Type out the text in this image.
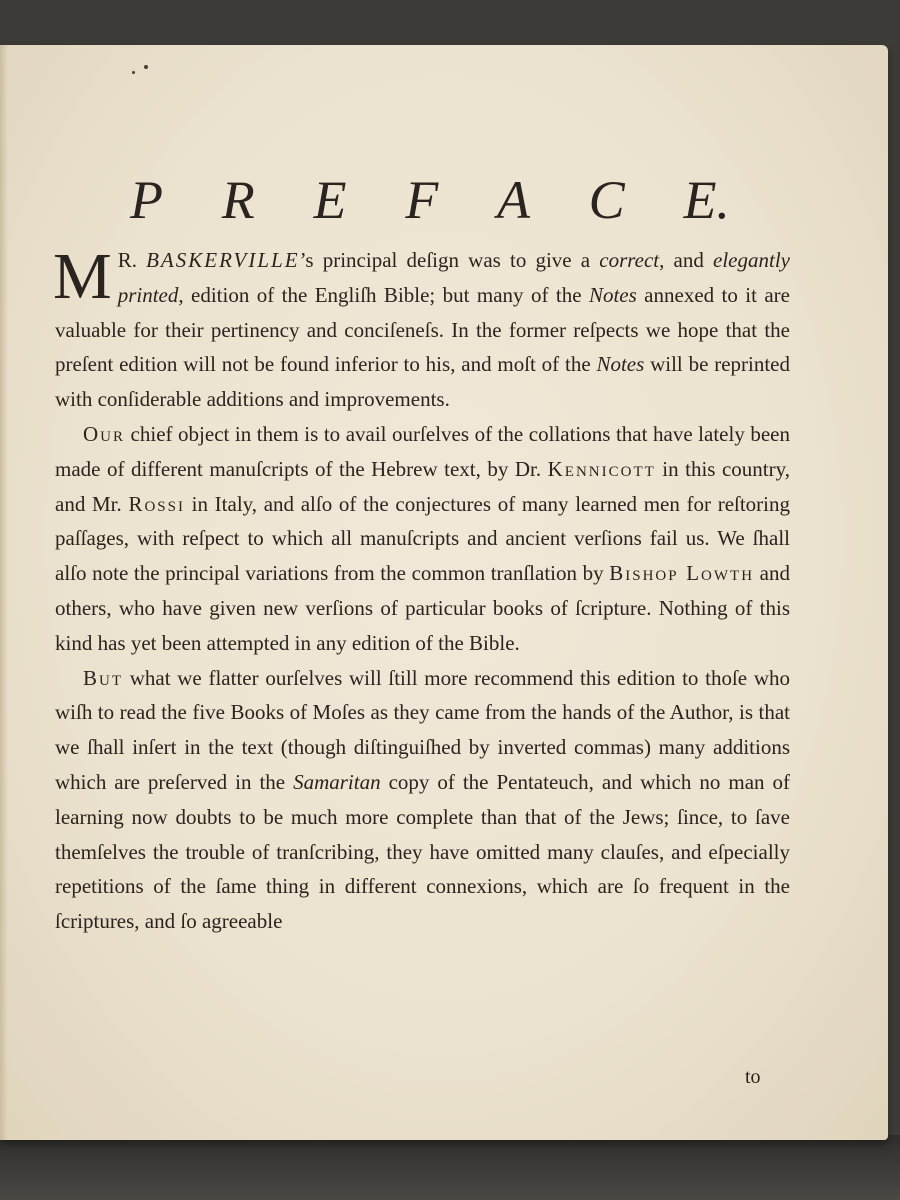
P R E F A C E.

M R. BASKERVILLE’s principal deſign was to give a correct, and elegantly printed, edition of the Engliſh Bible; but many of the Notes annexed to it are valuable for their pertinency and conciſeneſs. In the former reſpects we hope that the preſent edition will not be found inferior to his, and moſt of the Notes will be reprinted with conſiderable additions and improvements.

Our chief object in them is to avail ourſelves of the collations that have lately been made of different manuſcripts of the Hebrew text, by Dr. Kennicott in this country, and Mr. Rossi in Italy, and alſo of the conjectures of many learned men for reſtoring paſſages, with reſpect to which all manuſcripts and ancient verſions fail us. We ſhall alſo note the principal variations from the common tranſlation by Bishop Lowth and others, who have given new verſions of particular books of ſcripture. Nothing of this kind has yet been attempted in any edition of the Bible.

But what we flatter ourſelves will ſtill more recommend this edition to thoſe who wiſh to read the five Books of Moſes as they came from the hands of the Author, is that we ſhall inſert in the text (though diſtinguiſhed by inverted commas) many additions which are preſerved in the Samaritan copy of the Pentateuch, and which no man of learning now doubts to be much more complete than that of the Jews; ſince, to ſave themſelves the trouble of tranſcribing, they have omitted many clauſes, and eſpecially repetitions of the ſame thing in different connexions, which are ſo frequent in the ſcriptures, and ſo agreeable

to
